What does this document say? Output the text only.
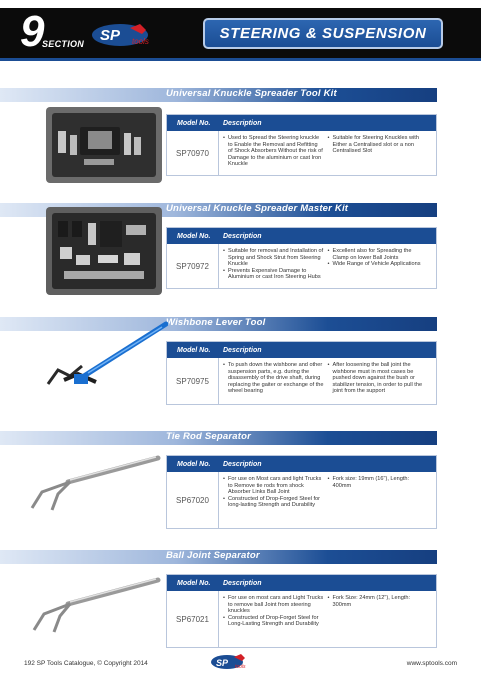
9
SECTION SP tools	STEERING & SUSPENSION
Universal Knuckle Spreader Tool Kit
Model No.	Description
SP70970
• Used to Spread the Steering knuckle to Enable the Removal and Refitting of Shock Absorbers Without the risk of Damage to the aluminium or cast Iron Knuckle
• Suitable for Steering Knuckles with Either a Centralised slot or a non Centralised Slot
Universal Knuckle Spreader Master Kit
Model No.	Description
SP70972
• Suitable for removal and Installation of Spring and Shock Strut from Steering Knuckle
• Prevents Expensive Damage to Aluminium or cast Iron Steering Hubs
• Excellent also for Spreading the Clamp on lower Ball Joints
• Wide Range of Vehicle Applications
Wishbone Lever Tool
Model No.	Description
SP70975
• To push down the wishbone and other suspension parts, e.g. during the disassembly of the drive shaft, during replacing the gaiter or exchange of the wheel bearing
• After loosening the ball joint the wishbone must in most cases be pushed down against the bush or stabilizer tension, in order to pull the joint from the support
Tie Rod Separator
Model No.	Description
SP67020
• For use on Most cars and light Trucks to Remove tie rods from shock Absorber Links Ball Joint
• Constructed of Drop-Forged Steel for long-lasting Strength and Durability
• Fork size: 19mm (16"), Length: 400mm
Ball Joint Separator
Model No.	Description
SP67021
• For use on most cars and Light Trucks to remove ball Joint from steering knuckles
• Constructed of Drop-Forget Steel for Long-Lasting Strength and Durability
• Fork Size: 24mm (12"), Length: 300mm
192 SP Tools Catalogue, © Copyright 2014	SP tools	www.sptools.com
